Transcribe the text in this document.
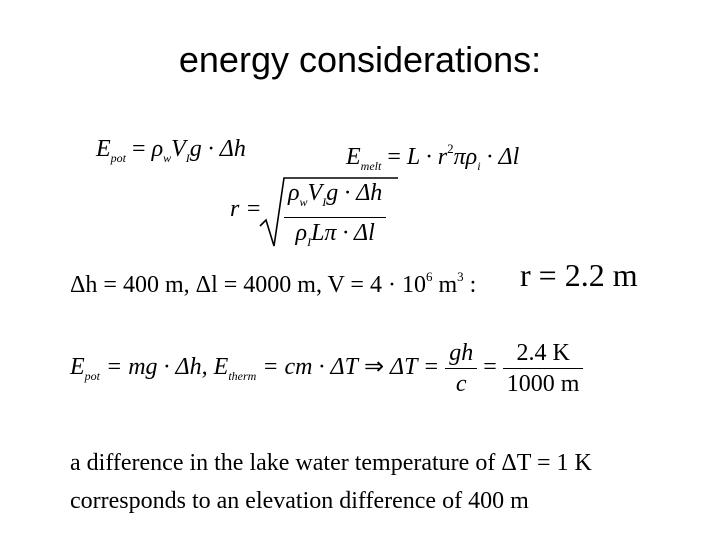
energy considerations:
$E_{pot} = \rho_wV_Ig \cdot \Delta h$	$E_{melt} = L \cdot r^2\pi\rho_i \cdot \Delta l$
$r = \frac{\rho_wV_Ig \cdot \Delta h}{\rho_IL\pi \cdot \Delta l}$
Δh = 400 m, Δl = 4000 m, $V = 4 \cdot 10^6$ $m^3$ : r = 2.2 m
$E_{pot}$ = mg · Δh, $E_{therm}$ = cm · ΔT ⇒ $\Delta T = \frac{gh}{c} = \frac{2.4 K}{1000 m}$
a difference in the lake water temperature of ΔT = 1 K
corresponds to an elevation difference of 400 m
